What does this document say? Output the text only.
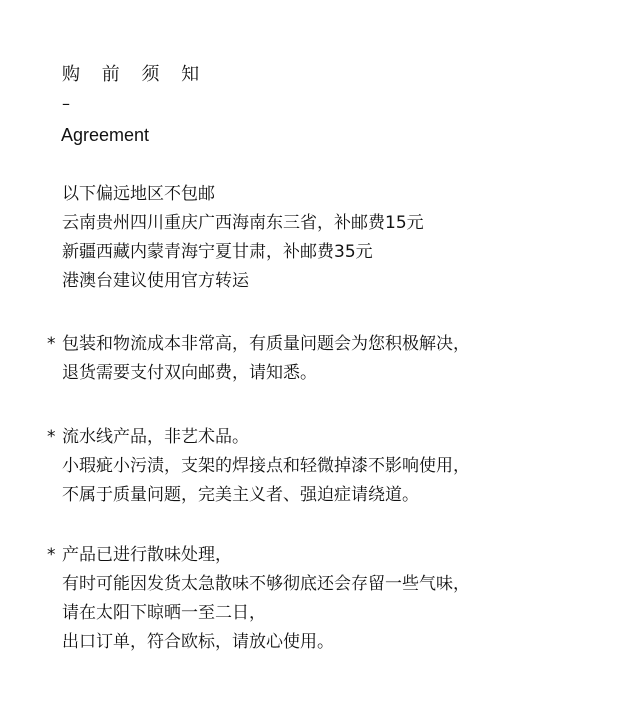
购 前 须 知
–
Agreement
以下偏远地区不包邮
云南贵州四川重庆广西海南东三省，补邮费15元
新疆西藏内蒙青海宁夏甘肃，补邮费35元
港澳台建议使用官方转运
* 包装和物流成本非常高，有质量问题会为您积极解决，
退货需要支付双向邮费，请知悉。
* 流水线产品，非艺术品。
小瑕疵小污渍，支架的焊接点和轻微掉漆不影响使用，
不属于质量问题，完美主义者、强迫症请绕道。
* 产品已进行散味处理，
有时可能因发货太急散味不够彻底还会存留一些气味，
请在太阳下晾晒一至二日，
出口订单，符合欧标，请放心使用。
